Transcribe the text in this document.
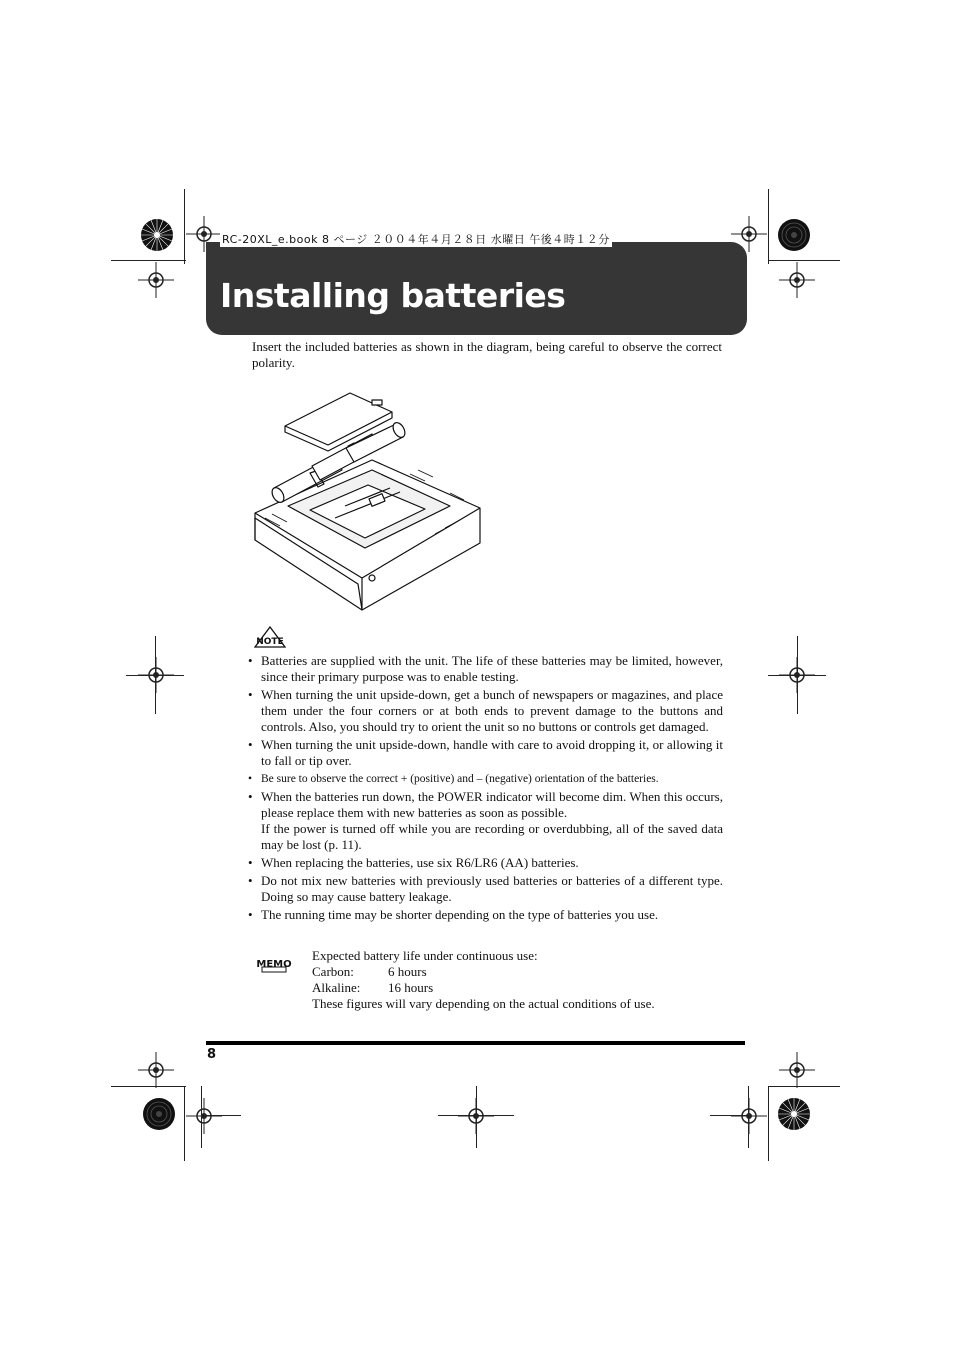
RC-20XL_e.book 8 ページ ２００４年４月２８日 水曜日 午後４時１２分
Installing batteries
Insert the included batteries as shown in the diagram, being careful to observe the correct polarity.
NOTE
• Batteries are supplied with the unit. The life of these batteries may be limited, however, since their primary purpose was to enable testing.
• When turning the unit upside-down, get a bunch of newspapers or magazines, and place them under the four corners or at both ends to prevent damage to the buttons and controls. Also, you should try to orient the unit so no buttons or controls get damaged.
• When turning the unit upside-down, handle with care to avoid dropping it, or allowing it to fall or tip over.
• Be sure to observe the correct + (positive) and – (negative) orientation of the batteries.
• When the batteries run down, the POWER indicator will become dim. When this occurs, please replace them with new batteries as soon as possible.
If the power is turned off while you are recording or overdubbing, all of the saved data may be lost (p. 11).
• When replacing the batteries, use six R6/LR6 (AA) batteries.
• Do not mix new batteries with previously used batteries or batteries of a different type. Doing so may cause battery leakage.
• The running time may be shorter depending on the type of batteries you use.
MEMO
Expected battery life under continuous use:
Carbon:	6 hours
Alkaline: 16 hours
These figures will vary depending on the actual conditions of use.
8
